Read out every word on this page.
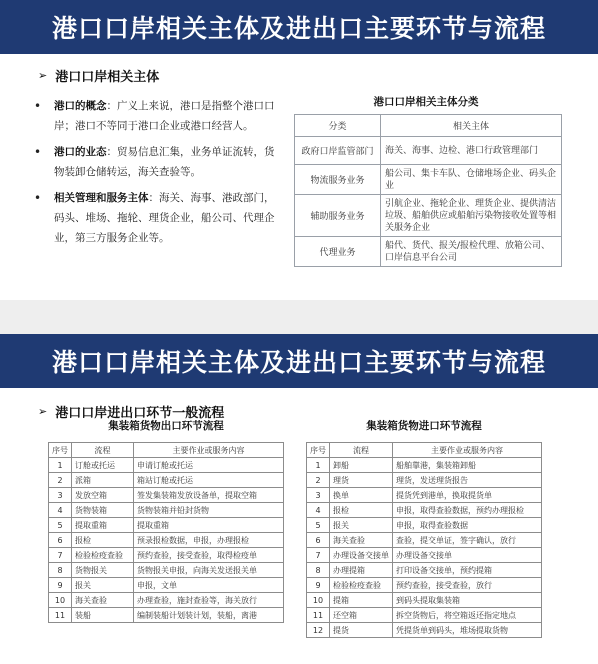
港口口岸相关主体及进出口主要环节与流程
➢ 港口口岸相关主体
• 港口的概念：广义上来说，港口是指整个港口口岸；港口不等同于港口企业或港口经营人。
• 港口的业态：贸易信息汇集，业务单证流转，货物装卸仓储转运，海关查验等。
• 相关管理和服务主体：海关、海事、港政部门，码头、堆场、拖轮、理货企业，船公司、代理企业，第三方服务企业等。
港口口岸相关主体分类
分类	相关主体
政府口岸监管部门	海关、海事、边检、港口行政管理部门
物流服务业务	船公司、集卡车队、仓储堆场企业、码头企业
辅助服务业务	引航企业、拖轮企业、理货企业、提供清洁垃圾、船舶供应或船舶污染物接收处置等相关服务企业
代理业务	船代、货代、报关/报检代理、放箱公司、口岸信息平台公司
港口口岸相关主体及进出口主要环节与流程
➢ 港口口岸进出口环节一般流程
集装箱货物出口环节流程
序号	流程	主要作业或服务内容
1	订舱或托运	申请订舱或托运
2	派箱	箱站订舱或托运
3	发放空箱	签发集装箱发放设备单，提取空箱
4	货物装箱	货物装箱并铅封货物
5	提取重箱	提取重箱
6	报检	预录报检数据，申报，办理报检
7	检验检疫查验	预约查验，接受查验，取得检疫单
8	货物报关	货物报关申报，向海关发送报关单
9	报关	申报，文单
10	海关查验	办理查验，施封查验等，海关放行
11	装船	编制装船计划装计划，装船，离港
集装箱货物进口环节流程
序号	流程	主要作业或服务内容
1	卸船	船舶靠港，集装箱卸船
2	理货	理货，发送理货报告
3	换单	提货凭到港单，换取提货单
4	报检	申报，取得查验数据，预约办理报检
5	报关	申报，取得查验数据
6	海关查验	查验，提交单证，签字确认，放行
7	办理设备交接单	办理设备交接单
8	办理提箱	打印设备交接单，预约提箱
9	检验检疫查验	预约查验，接受查验，放行
10	提箱	到码头提取集装箱
11	还空箱	拆空货物后，将空箱返还指定地点
12	提货	凭提货单到码头，堆场提取货物
